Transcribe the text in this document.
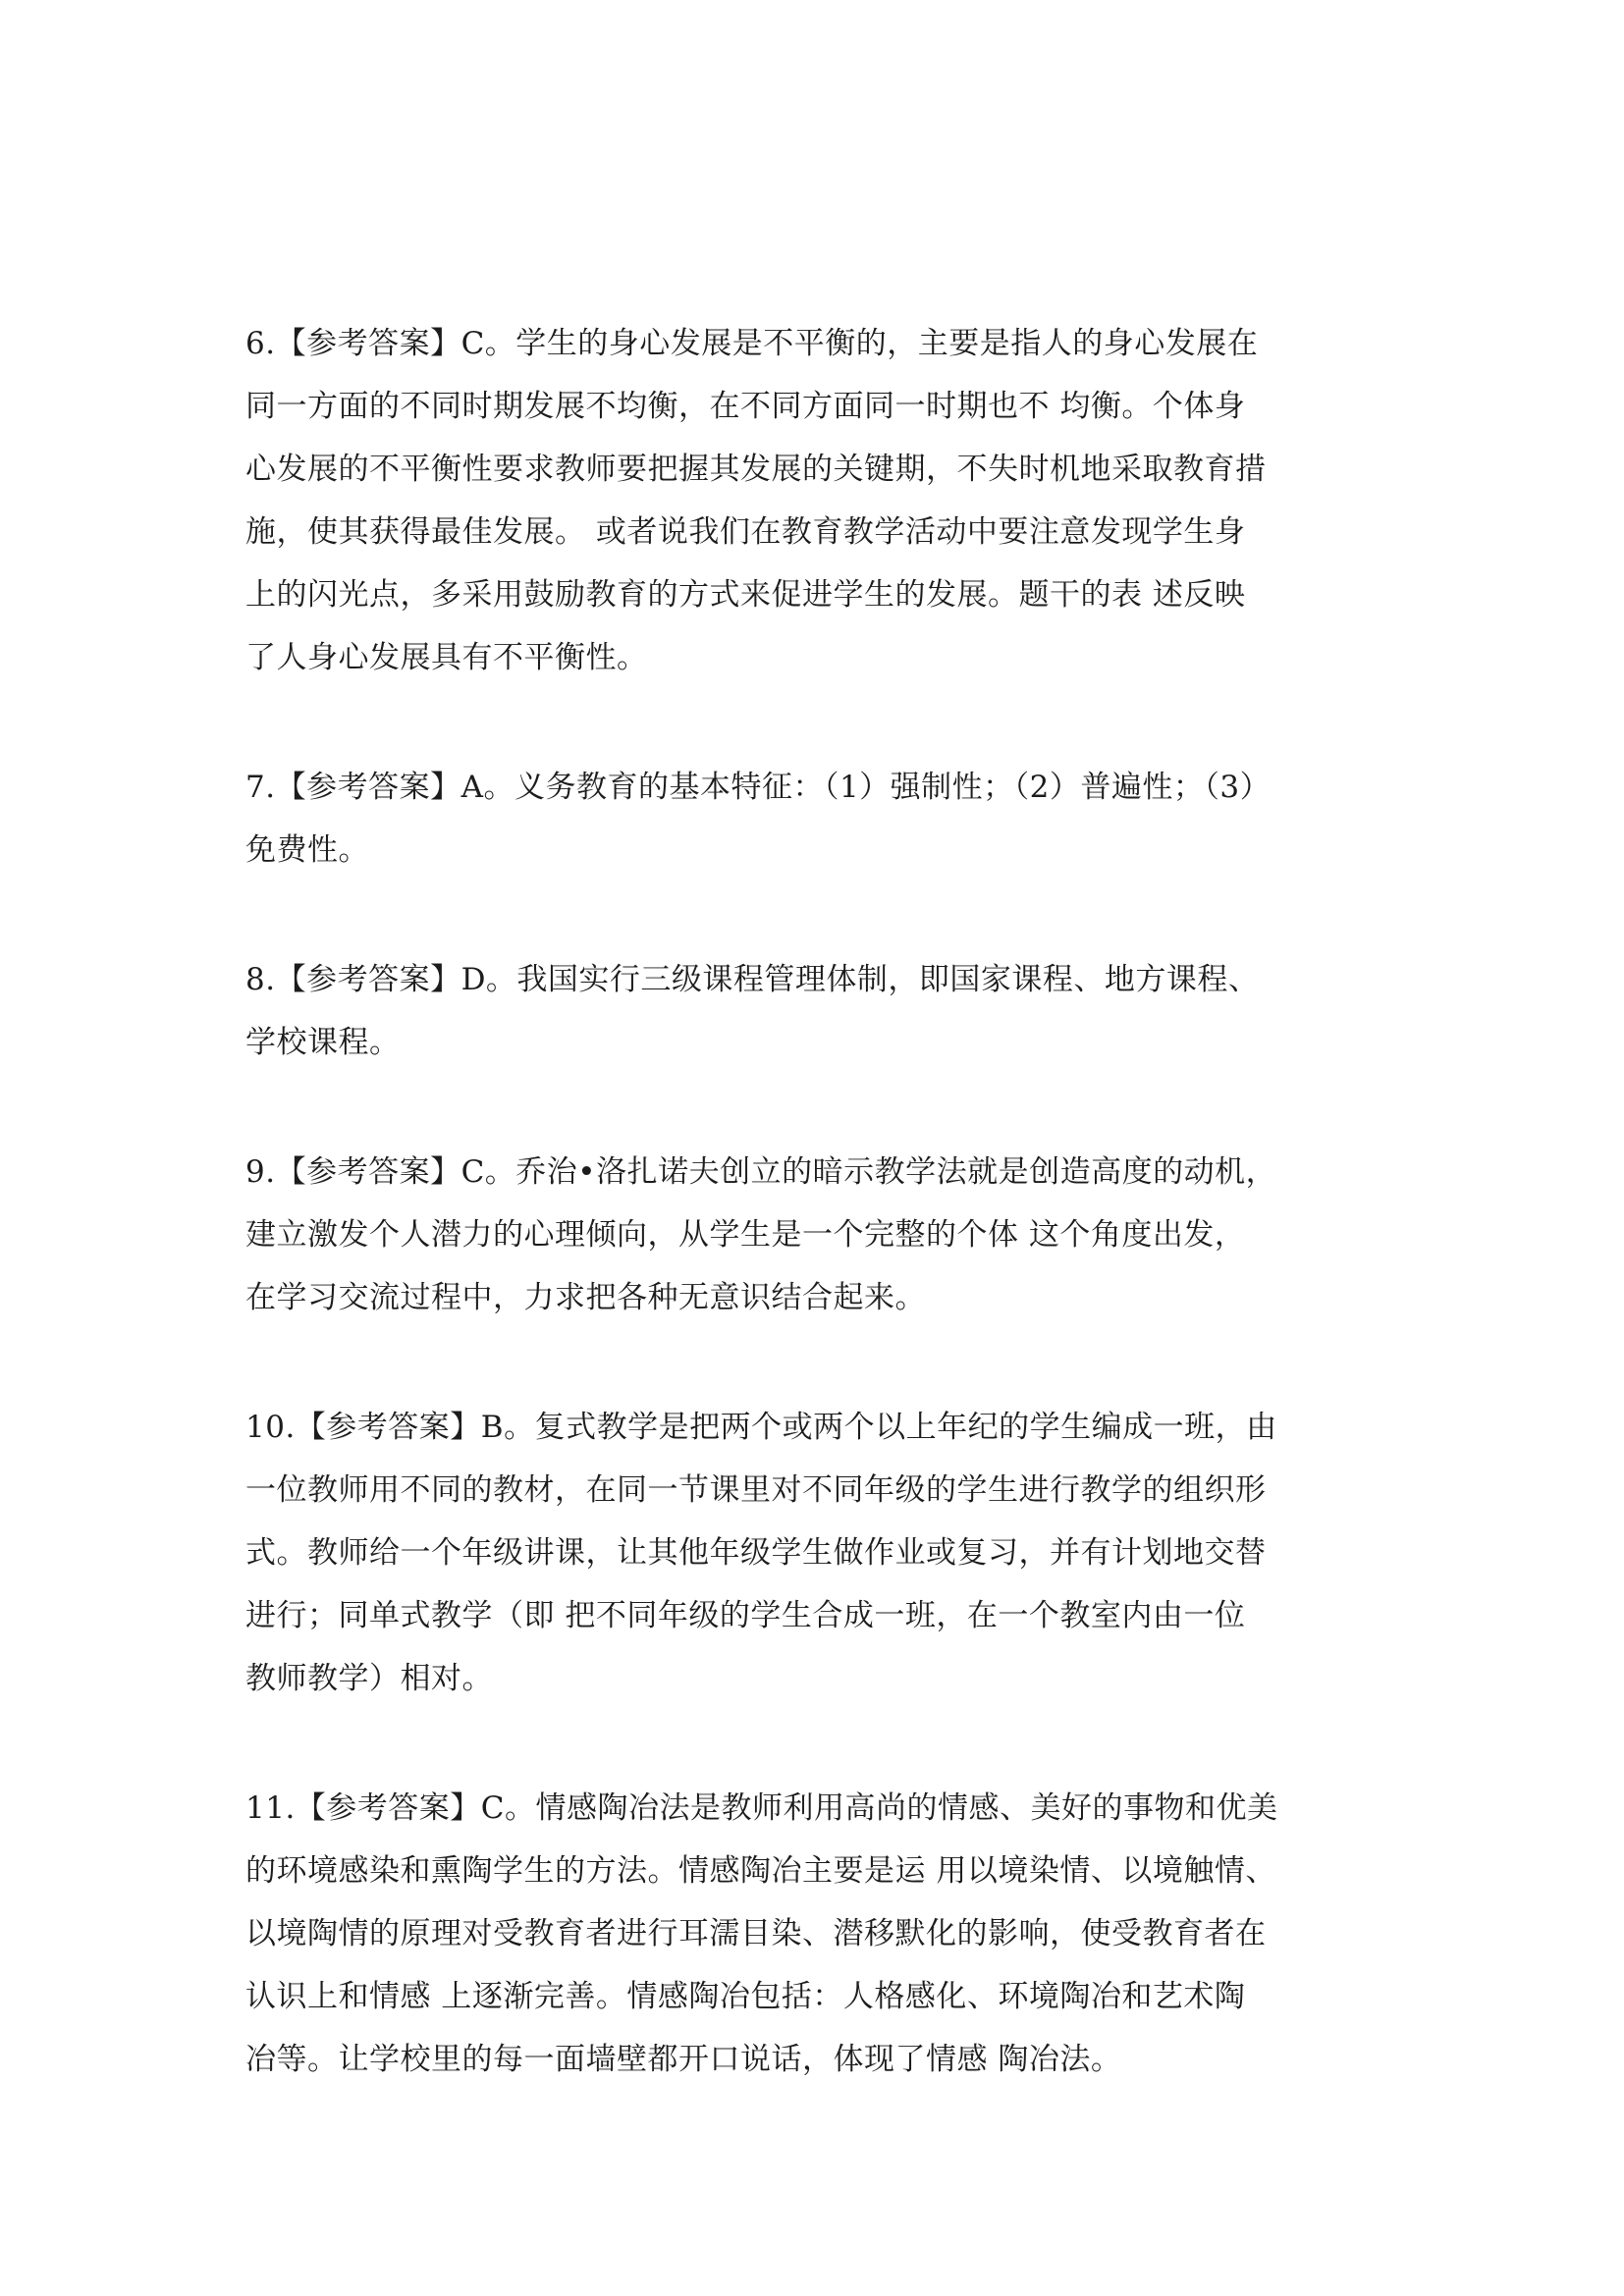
6.【参考答案】C。学生的身心发展是不平衡的，主要是指人的身心发展在
同一方面的不同时期发展不均衡，在不同方面同一时期也不 均衡。个体身
心发展的不平衡性要求教师要把握其发展的关键期，不失时机地采取教育措
施，使其获得最佳发展。 或者说我们在教育教学活动中要注意发现学生身
上的闪光点，多采用鼓励教育的方式来促进学生的发展。题干的表 述反映
了人身心发展具有不平衡性。
7.【参考答案】A。义务教育的基本特征：（1）强制性；（2）普遍性；（3）
免费性。
8.【参考答案】D。我国实行三级课程管理体制，即国家课程、地方课程、
学校课程。
9.【参考答案】C。乔治•洛扎诺夫创立的暗示教学法就是创造高度的动机，
建立激发个人潜力的心理倾向，从学生是一个完整的个体 这个角度出发，
在学习交流过程中，力求把各种无意识结合起来。
10.【参考答案】B。复式教学是把两个或两个以上年纪的学生编成一班，由
一位教师用不同的教材，在同一节课里对不同年级的学生进行教学的组织形
式。教师给一个年级讲课，让其他年级学生做作业或复习，并有计划地交替
进行；同单式教学（即 把不同年级的学生合成一班，在一个教室内由一位
教师教学）相对。
11.【参考答案】C。情感陶冶法是教师利用高尚的情感、美好的事物和优美
的环境感染和熏陶学生的方法。情感陶冶主要是运 用以境染情、以境触情、
以境陶情的原理对受教育者进行耳濡目染、潜移默化的影响，使受教育者在
认识上和情感 上逐渐完善。情感陶冶包括：人格感化、环境陶冶和艺术陶
冶等。让学校里的每一面墙壁都开口说话，体现了情感 陶冶法。
